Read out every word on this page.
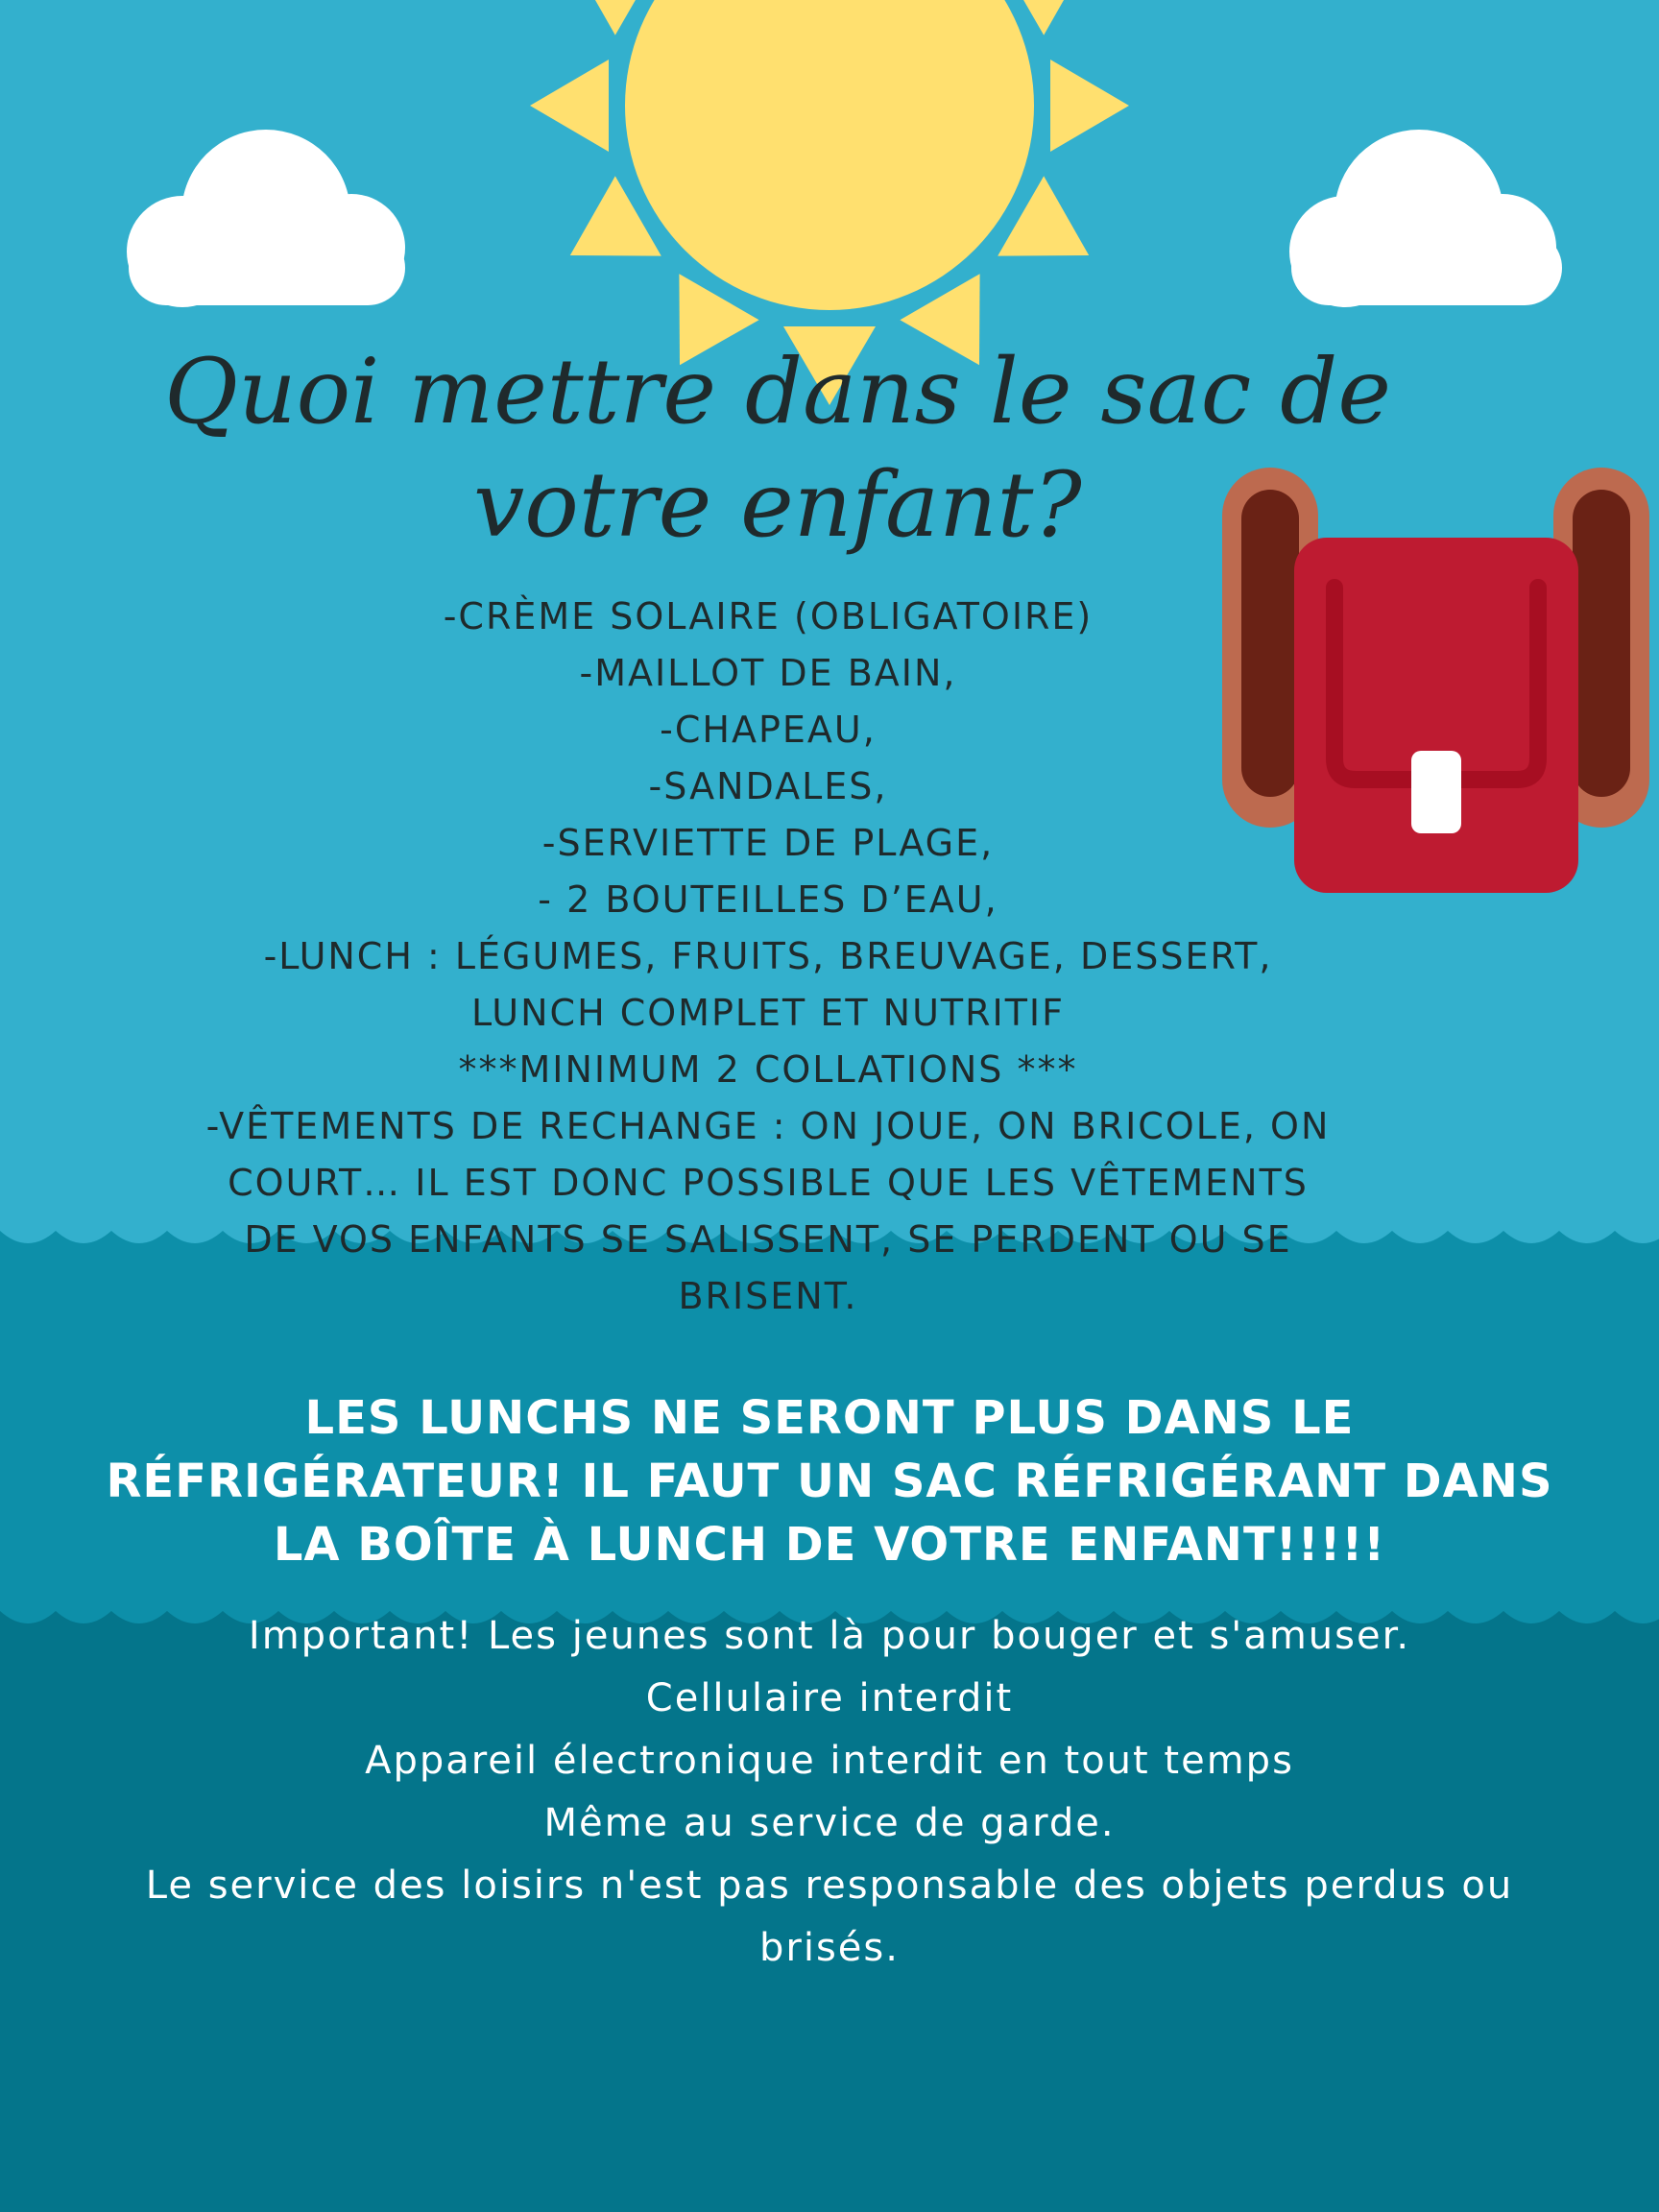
Quoi mettre dans le sac de
votre enfant?
-CRÈME SOLAIRE (OBLIGATOIRE)
-MAILLOT DE BAIN,
-CHAPEAU,
-SANDALES,
-SERVIETTE DE PLAGE,
- 2 BOUTEILLES D’EAU,
-LUNCH : LÉGUMES, FRUITS, BREUVAGE, DESSERT,
LUNCH COMPLET ET NUTRITIF
***MINIMUM 2 COLLATIONS ***
-VÊTEMENTS DE RECHANGE : ON JOUE, ON BRICOLE, ON
COURT… IL EST DONC POSSIBLE QUE LES VÊTEMENTS
DE VOS ENFANTS SE SALISSENT, SE PERDENT OU SE
BRISENT.

LES LUNCHS NE SERONT PLUS DANS LE
RÉFRIGÉRATEUR! IL FAUT UN SAC RÉFRIGÉRANT DANS
LA BOÎTE À LUNCH DE VOTRE ENFANT!!!!!

Important! Les jeunes sont là pour bouger et s'amuser.
Cellulaire interdit
Appareil électronique interdit en tout temps
Même au service de garde.
Le service des loisirs n'est pas responsable des objets perdus ou
brisés.
